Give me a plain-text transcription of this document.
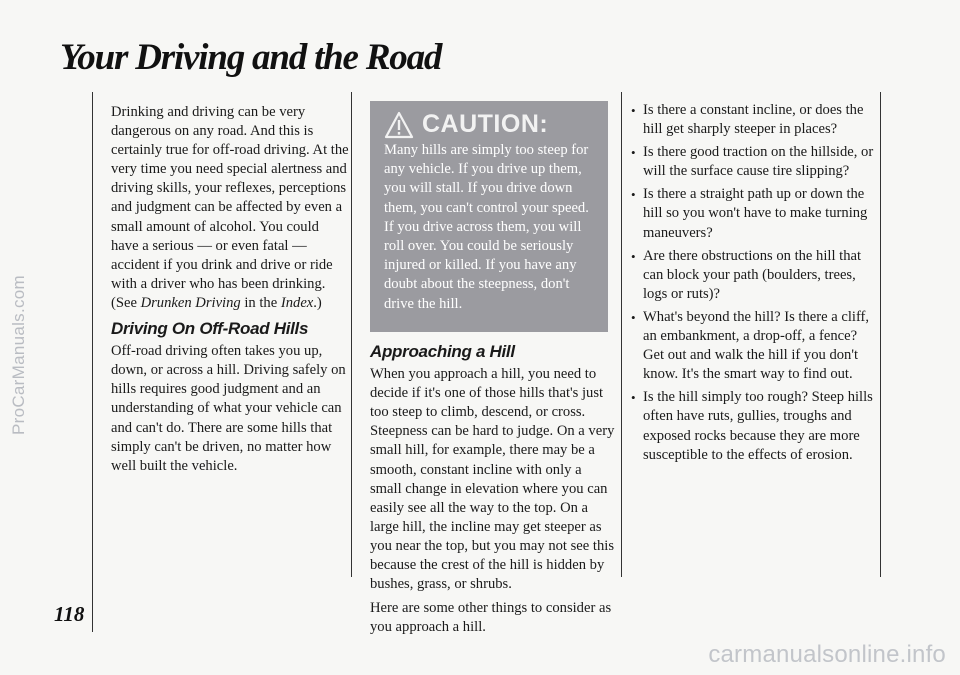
ProCarManuals.com
Your Driving and the Road

Drinking and driving can be very dangerous on any road. And this is certainly true for off-road driving. At the very time you need special alertness and driving skills, your reflexes, perceptions and judgment can be affected by even a small amount of alcohol. You could have a serious — or even fatal — accident if you drink and drive or ride with a driver who has been drinking. (See Drunken Driving in the Index.)

Driving On Off-Road Hills

Off-road driving often takes you up, down, or across a hill. Driving safely on hills requires good judgment and an understanding of what your vehicle can and can't do. There are some hills that simply can't be driven, no matter how well built the vehicle.

CAUTION:

Many hills are simply too steep for any vehicle. If you drive up them, you will stall. If you drive down them, you can't control your speed. If you drive across them, you will roll over. You could be seriously injured or killed. If you have any doubt about the steepness, don't drive the hill.

Approaching a Hill

When you approach a hill, you need to decide if it's one of those hills that's just too steep to climb, descend, or cross. Steepness can be hard to judge. On a very small hill, for example, there may be a smooth, constant incline with only a small change in elevation where you can easily see all the way to the top. On a large hill, the incline may get steeper as you near the top, but you may not see this because the crest of the hill is hidden by bushes, grass, or shrubs.

Here are some other things to consider as you approach a hill.

• Is there a constant incline, or does the hill get sharply steeper in places?
• Is there good traction on the hillside, or will the surface cause tire slipping?
• Is there a straight path up or down the hill so you won't have to make turning maneuvers?
• Are there obstructions on the hill that can block your path (boulders, trees, logs or ruts)?
• What's beyond the hill? Is there a cliff, an embankment, a drop-off, a fence? Get out and walk the hill if you don't know. It's the smart way to find out.
• Is the hill simply too rough? Steep hills often have ruts, gullies, troughs and exposed rocks because they are more susceptible to the effects of erosion.

118

carmanualsonline.info
